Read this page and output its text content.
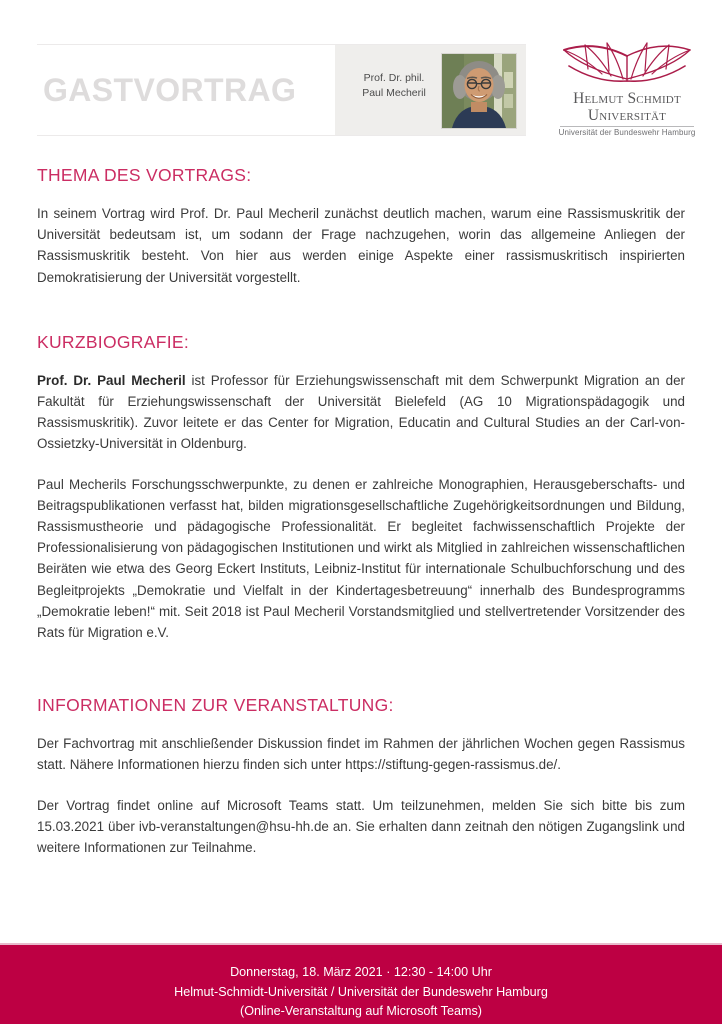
GASTVORTRAG	Prof. Dr. phil.
Paul Mecheril	Helmut Schmidt
Universität
Universität der Bundeswehr Hamburg
THEMA DES VORTRAGS:

In seinem Vortrag wird Prof. Dr. Paul Mecheril zunächst deutlich machen, warum eine Rassismuskritik der Universität bedeutsam ist, um sodann der Frage nachzugehen, worin das allgemeine Anliegen der Rassismuskritik besteht. Von hier aus werden einige Aspekte einer rassismuskritisch inspirierten Demokratisierung der Universität vorgestellt.

KURZBIOGRAFIE:

Prof. Dr. Paul Mecheril ist Professor für Erziehungswissenschaft mit dem Schwerpunkt Migration an der Fakultät für Erziehungswissenschaft der Universität Bielefeld (AG 10 Migrationspädagogik und Rassismuskritik). Zuvor leitete er das Center for Migration, Educatin and Cultural Studies an der Carl-von-Ossietzky-Universität in Oldenburg.

Paul Mecherils Forschungsschwerpunkte, zu denen er zahlreiche Monographien, Herausgeberschafts- und Beitragspublikationen verfasst hat, bilden migrationsgesellschaftliche Zugehörigkeitsordnungen und Bildung, Rassismustheorie und pädagogische Professionalität. Er begleitet fachwissenschaftlich Projekte der Professionalisierung von pädagogischen Institutionen und wirkt als Mitglied in zahlreichen wissenschaftlichen Beiräten wie etwa des Georg Eckert Instituts, Leibniz-Institut für internationale Schulbuchforschung und des Begleitprojekts „Demokratie und Vielfalt in der Kindertagesbetreuung“ innerhalb des Bundesprogramms „Demokratie leben!“ mit. Seit 2018 ist Paul Mecheril Vorstandsmitglied und stellvertretender Vorsitzender des Rats für Migration e.V.

INFORMATIONEN ZUR VERANSTALTUNG:

Der Fachvortrag mit anschließender Diskussion findet im Rahmen der jährlichen Wochen gegen Rassismus statt. Nähere Informationen hierzu finden sich unter https://stiftung-gegen-rassismus.de/.

Der Vortrag findet online auf Microsoft Teams statt. Um teilzunehmen, melden Sie sich bitte bis zum 15.03.2021 über ivb-veranstaltungen@hsu-hh.de an. Sie erhalten dann zeitnah den nötigen Zugangslink und weitere Informationen zur Teilnahme.

Donnerstag, 18. März 2021 · 12:30 - 14:00 Uhr
Helmut-Schmidt-Universität / Universität der Bundeswehr Hamburg
(Online-Veranstaltung auf Microsoft Teams)
